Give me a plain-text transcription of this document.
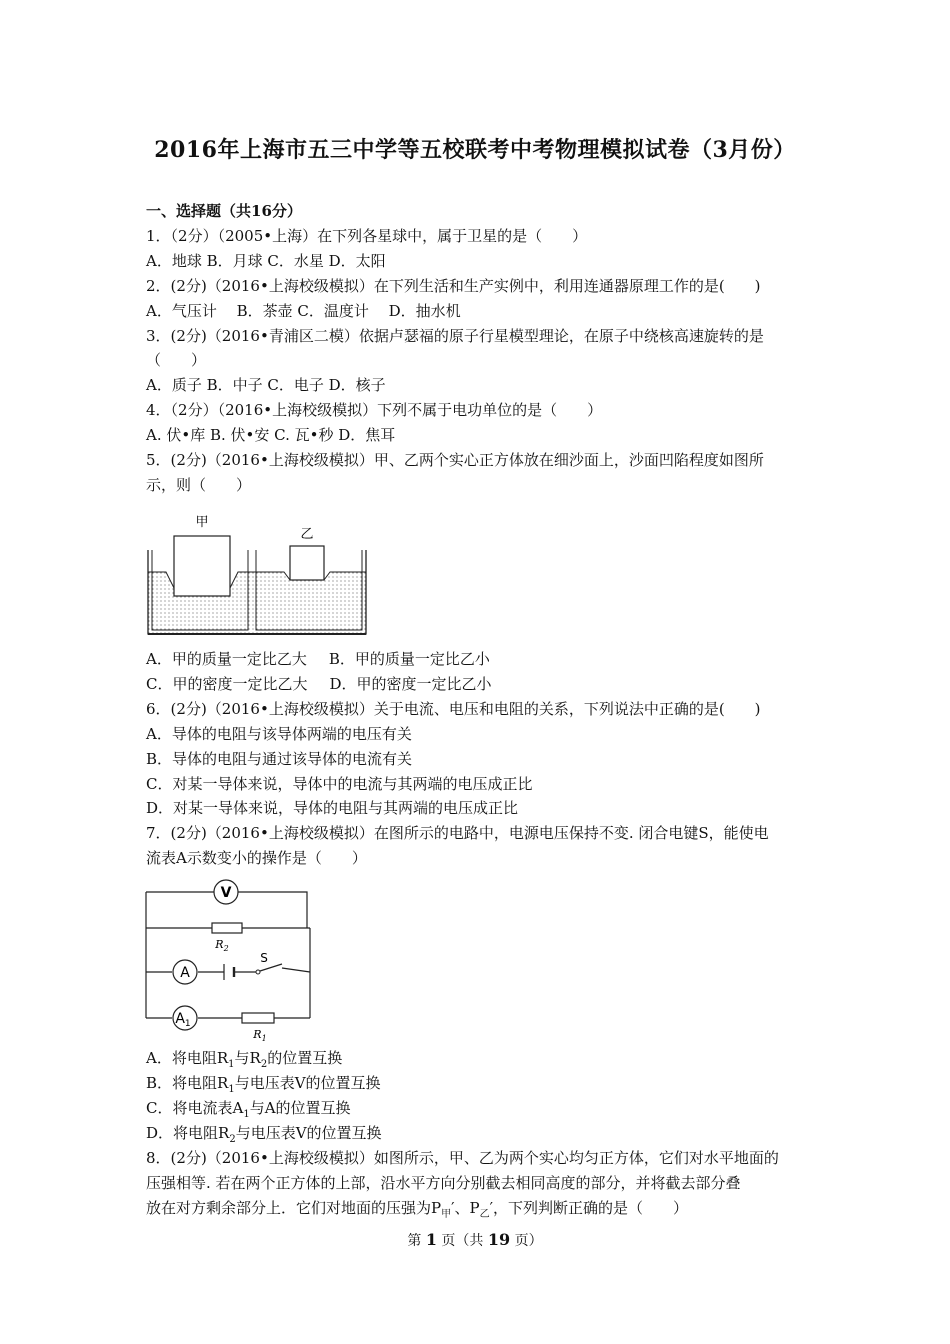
2016年上海市五三中学等五校联考中考物理模拟试卷（3月份）
一、选择题（共16分）
1．（2分）（2005•上海）在下列各星球中，属于卫星的是（　　）
A．地球 B．月球 C．水星 D．太阳
2．(2分)（2016•上海校级模拟）在下列生活和生产实例中，利用连通器原理工作的是(　　)
A．气压计　 B．茶壶 C．温度计　 D．抽水机
3．(2分)（2016•青浦区二模）依据卢瑟福的原子行星模型理论，在原子中绕核高速旋转的是
（　　）
A．质子 B．中子 C．电子 D．核子
4．（2分）（2016•上海校级模拟）下列不属于电功单位的是（　　）
A. 伏•库 B. 伏•安 C. 瓦•秒 D．焦耳
5．(2分)（2016•上海校级模拟）甲、乙两个实心正方体放在细沙面上，沙面凹陷程度如图所
示，则（　　）
甲
乙
A．甲的质量一定比乙大 B．甲的质量一定比乙小
C．甲的密度一定比乙大 D．甲的密度一定比乙小
6．(2分)（2016•上海校级模拟）关于电流、电压和电阻的关系，下列说法中正确的是(　　)
A．导体的电阻与该导体两端的电压有关
B．导体的电阻与通过该导体的电流有关
C．对某一导体来说，导体中的电流与其两端的电压成正比
D．对某一导体来说，导体的电阻与其两端的电压成正比
7．(2分)（2016•上海校级模拟）在图所示的电路中，电源电压保持不变. 闭合电键S，能使电
流表A示数变小的操作是（　　）
V
$R_2$
A
S
$A_1$
$R_1$
A．将电阻$R_1$与$R_2$的位置互换
B．将电阻$R_1$与电压表V的位置互换
C．将电流表$A_1$与A的位置互换
D．将电阻$R_2$与电压表V的位置互换
8．(2分)（2016•上海校级模拟）如图所示，甲、乙为两个实心均匀正方体，它们对水平地面的
压强相等. 若在两个正方体的上部，沿水平方向分别截去相同高度的部分，并将截去部分叠
放在对方剩余部分上．它们对地面的压强为$P_甲'$、$P_乙'$，下列判断正确的是（　　）
第 1 页（共 19 页）
